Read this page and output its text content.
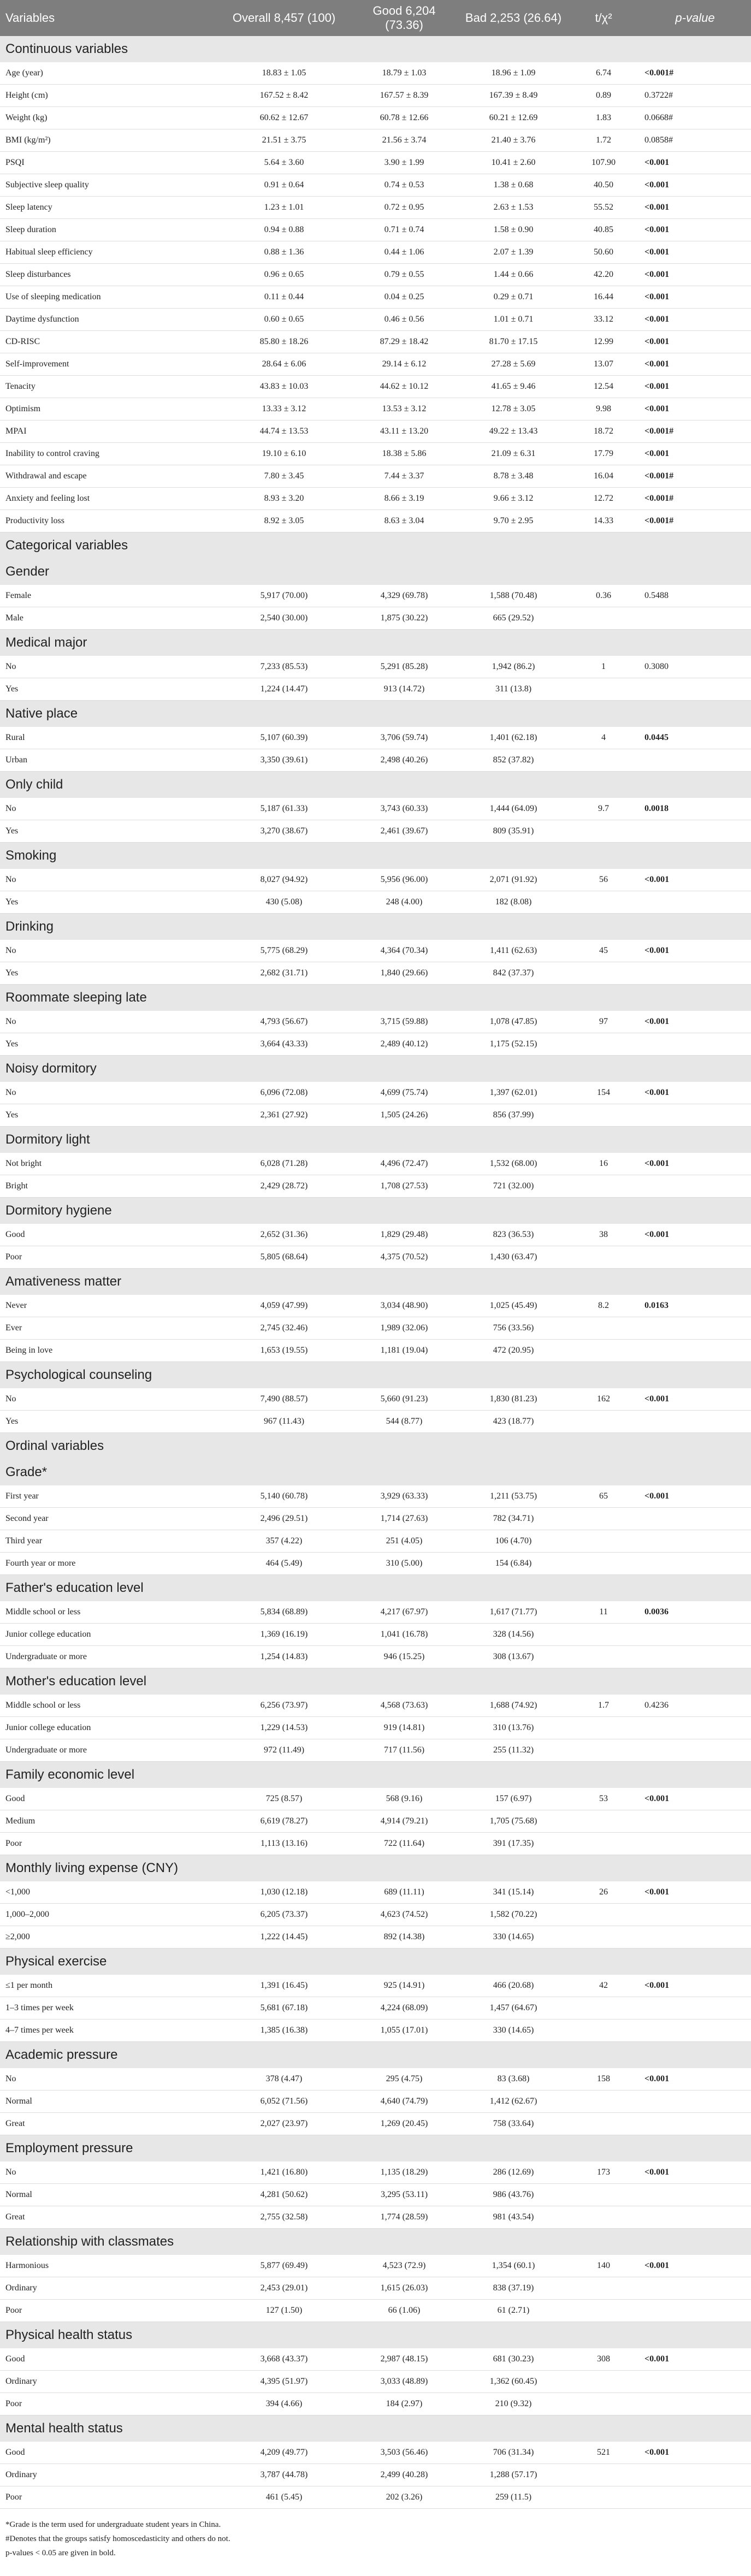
Variables	Overall 8,457 (100)	Good 6,204 (73.36)	Bad 2,253 (26.64)	t/χ²	p-value
Continuous variables					
Age (year)	18.83 ± 1.05	18.79 ± 1.03	18.96 ± 1.09	6.74	<0.001#
Height (cm)	167.52 ± 8.42	167.57 ± 8.39	167.39 ± 8.49	0.89	0.3722#
Weight (kg)	60.62 ± 12.67	60.78 ± 12.66	60.21 ± 12.69	1.83	0.0668#
BMI (kg/m²)	21.51 ± 3.75	21.56 ± 3.74	21.40 ± 3.76	1.72	0.0858#
PSQI	5.64 ± 3.60	3.90 ± 1.99	10.41 ± 2.60	107.90	<0.001
Subjective sleep quality	0.91 ± 0.64	0.74 ± 0.53	1.38 ± 0.68	40.50	<0.001
Sleep latency	1.23 ± 1.01	0.72 ± 0.95	2.63 ± 1.53	55.52	<0.001
Sleep duration	0.94 ± 0.88	0.71 ± 0.74	1.58 ± 0.90	40.85	<0.001
Habitual sleep efficiency	0.88 ± 1.36	0.44 ± 1.06	2.07 ± 1.39	50.60	<0.001
Sleep disturbances	0.96 ± 0.65	0.79 ± 0.55	1.44 ± 0.66	42.20	<0.001
Use of sleeping medication	0.11 ± 0.44	0.04 ± 0.25	0.29 ± 0.71	16.44	<0.001
Daytime dysfunction	0.60 ± 0.65	0.46 ± 0.56	1.01 ± 0.71	33.12	<0.001
CD-RISC	85.80 ± 18.26	87.29 ± 18.42	81.70 ± 17.15	12.99	<0.001
Self-improvement	28.64 ± 6.06	29.14 ± 6.12	27.28 ± 5.69	13.07	<0.001
Tenacity	43.83 ± 10.03	44.62 ± 10.12	41.65 ± 9.46	12.54	<0.001
Optimism	13.33 ± 3.12	13.53 ± 3.12	12.78 ± 3.05	9.98	<0.001
MPAI	44.74 ± 13.53	43.11 ± 13.20	49.22 ± 13.43	18.72	<0.001#
Inability to control craving	19.10 ± 6.10	18.38 ± 5.86	21.09 ± 6.31	17.79	<0.001
Withdrawal and escape	7.80 ± 3.45	7.44 ± 3.37	8.78 ± 3.48	16.04	<0.001#
Anxiety and feeling lost	8.93 ± 3.20	8.66 ± 3.19	9.66 ± 3.12	12.72	<0.001#
Productivity loss	8.92 ± 3.05	8.63 ± 3.04	9.70 ± 2.95	14.33	<0.001#
Categorical variables					
Gender					
Female	5,917 (70.00)	4,329 (69.78)	1,588 (70.48)	0.36	0.5488
Male	2,540 (30.00)	1,875 (30.22)	665 (29.52)		
Medical major					
No	7,233 (85.53)	5,291 (85.28)	1,942 (86.2)	1	0.3080
Yes	1,224 (14.47)	913 (14.72)	311 (13.8)		
Native place					
Rural	5,107 (60.39)	3,706 (59.74)	1,401 (62.18)	4	0.0445
Urban	3,350 (39.61)	2,498 (40.26)	852 (37.82)		
Only child					
No	5,187 (61.33)	3,743 (60.33)	1,444 (64.09)	9.7	0.0018
Yes	3,270 (38.67)	2,461 (39.67)	809 (35.91)		
Smoking					
No	8,027 (94.92)	5,956 (96.00)	2,071 (91.92)	56	<0.001
Yes	430 (5.08)	248 (4.00)	182 (8.08)		
Drinking					
No	5,775 (68.29)	4,364 (70.34)	1,411 (62.63)	45	<0.001
Yes	2,682 (31.71)	1,840 (29.66)	842 (37.37)		
Roommate sleeping late					
No	4,793 (56.67)	3,715 (59.88)	1,078 (47.85)	97	<0.001
Yes	3,664 (43.33)	2,489 (40.12)	1,175 (52.15)		
Noisy dormitory					
No	6,096 (72.08)	4,699 (75.74)	1,397 (62.01)	154	<0.001
Yes	2,361 (27.92)	1,505 (24.26)	856 (37.99)		
Dormitory light					
Not bright	6,028 (71.28)	4,496 (72.47)	1,532 (68.00)	16	<0.001
Bright	2,429 (28.72)	1,708 (27.53)	721 (32.00)		
Dormitory hygiene					
Good	2,652 (31.36)	1,829 (29.48)	823 (36.53)	38	<0.001
Poor	5,805 (68.64)	4,375 (70.52)	1,430 (63.47)		
Amativeness matter					
Never	4,059 (47.99)	3,034 (48.90)	1,025 (45.49)	8.2	0.0163
Ever	2,745 (32.46)	1,989 (32.06)	756 (33.56)		
Being in love	1,653 (19.55)	1,181 (19.04)	472 (20.95)		
Psychological counseling					
No	7,490 (88.57)	5,660 (91.23)	1,830 (81.23)	162	<0.001
Yes	967 (11.43)	544 (8.77)	423 (18.77)		
Ordinal variables					
Grade*					
First year	5,140 (60.78)	3,929 (63.33)	1,211 (53.75)	65	<0.001
Second year	2,496 (29.51)	1,714 (27.63)	782 (34.71)		
Third year	357 (4.22)	251 (4.05)	106 (4.70)		
Fourth year or more	464 (5.49)	310 (5.00)	154 (6.84)		
Father's education level					
Middle school or less	5,834 (68.89)	4,217 (67.97)	1,617 (71.77)	11	0.0036
Junior college education	1,369 (16.19)	1,041 (16.78)	328 (14.56)		
Undergraduate or more	1,254 (14.83)	946 (15.25)	308 (13.67)		
Mother's education level					
Middle school or less	6,256 (73.97)	4,568 (73.63)	1,688 (74.92)	1.7	0.4236
Junior college education	1,229 (14.53)	919 (14.81)	310 (13.76)		
Undergraduate or more	972 (11.49)	717 (11.56)	255 (11.32)		
Family economic level					
Good	725 (8.57)	568 (9.16)	157 (6.97)	53	<0.001
Medium	6,619 (78.27)	4,914 (79.21)	1,705 (75.68)		
Poor	1,113 (13.16)	722 (11.64)	391 (17.35)		
Monthly living expense (CNY)					
<1,000	1,030 (12.18)	689 (11.11)	341 (15.14)	26	<0.001
1,000–2,000	6,205 (73.37)	4,623 (74.52)	1,582 (70.22)		
≥2,000	1,222 (14.45)	892 (14.38)	330 (14.65)		
Physical exercise					
≤1 per month	1,391 (16.45)	925 (14.91)	466 (20.68)	42	<0.001
1–3 times per week	5,681 (67.18)	4,224 (68.09)	1,457 (64.67)		
4–7 times per week	1,385 (16.38)	1,055 (17.01)	330 (14.65)		
Academic pressure					
No	378 (4.47)	295 (4.75)	83 (3.68)	158	<0.001
Normal	6,052 (71.56)	4,640 (74.79)	1,412 (62.67)		
Great	2,027 (23.97)	1,269 (20.45)	758 (33.64)		
Employment pressure					
No	1,421 (16.80)	1,135 (18.29)	286 (12.69)	173	<0.001
Normal	4,281 (50.62)	3,295 (53.11)	986 (43.76)		
Great	2,755 (32.58)	1,774 (28.59)	981 (43.54)		
Relationship with classmates					
Harmonious	5,877 (69.49)	4,523 (72.9)	1,354 (60.1)	140	<0.001
Ordinary	2,453 (29.01)	1,615 (26.03)	838 (37.19)		
Poor	127 (1.50)	66 (1.06)	61 (2.71)		
Physical health status					
Good	3,668 (43.37)	2,987 (48.15)	681 (30.23)	308	<0.001
Ordinary	4,395 (51.97)	3,033 (48.89)	1,362 (60.45)		
Poor	394 (4.66)	184 (2.97)	210 (9.32)		
Mental health status					
Good	4,209 (49.77)	3,503 (56.46)	706 (31.34)	521	<0.001
Ordinary	3,787 (44.78)	2,499 (40.28)	1,288 (57.17)		
Poor	461 (5.45)	202 (3.26)	259 (11.5)		
*Grade is the term used for undergraduate student years in China.
#Denotes that the groups satisfy homoscedasticity and others do not.
p-values < 0.05 are given in bold.
